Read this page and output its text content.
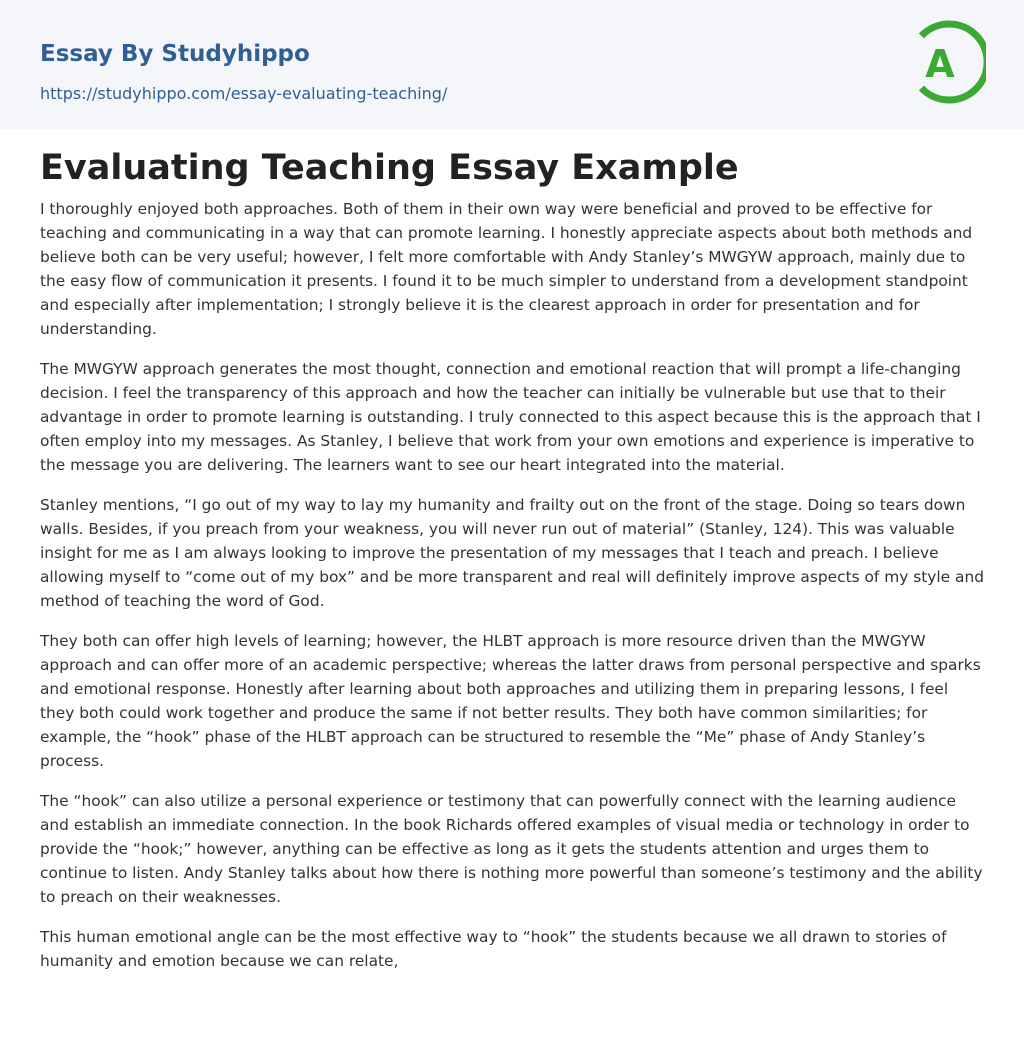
Essay By Studyhippo
https://studyhippo.com/essay-evaluating-teaching/
A
Evaluating Teaching Essay Example

I thoroughly enjoyed both approaches. Both of them in their own way were beneficial and proved to be effective for teaching and communicating in a way that can promote learning. I honestly appreciate aspects about both methods and believe both can be very useful; however, I felt more comfortable with Andy Stanley’s MWGYW approach, mainly due to the easy flow of communication it presents. I found it to be much simpler to understand from a development standpoint and especially after implementation; I strongly believe it is the clearest approach in order for presentation and for understanding.

The MWGYW approach generates the most thought, connection and emotional reaction that will prompt a life-changing decision. I feel the transparency of this approach and how the teacher can initially be vulnerable but use that to their advantage in order to promote learning is outstanding. I truly connected to this aspect because this is the approach that I often employ into my messages. As Stanley, I believe that work from your own emotions and experience is imperative to the message you are delivering. The learners want to see our heart integrated into the material.

Stanley mentions, “I go out of my way to lay my humanity and frailty out on the front of the stage. Doing so tears down walls. Besides, if you preach from your weakness, you will never run out of material” (Stanley, 124). This was valuable insight for me as I am always looking to improve the presentation of my messages that I teach and preach. I believe allowing myself to “come out of my box” and be more transparent and real will definitely improve aspects of my style and method of teaching the word of God.

They both can offer high levels of learning; however, the HLBT approach is more resource driven than the MWGYW approach and can offer more of an academic perspective; whereas the latter draws from personal perspective and sparks and emotional response. Honestly after learning about both approaches and utilizing them in preparing lessons, I feel they both could work together and produce the same if not better results. They both have common similarities; for example, the “hook” phase of the HLBT approach can be structured to resemble the “Me” phase of Andy Stanley’s process.

The “hook” can also utilize a personal experience or testimony that can powerfully connect with the learning audience and establish an immediate connection. In the book Richards offered examples of visual media or technology in order to provide the “hook;” however, anything can be effective as long as it gets the students attention and urges them to continue to listen. Andy Stanley talks about how there is nothing more powerful than someone’s testimony and the ability to preach on their weaknesses.

This human emotional angle can be the most effective way to “hook” the students because we all drawn to stories of humanity and emotion because we can relate,
